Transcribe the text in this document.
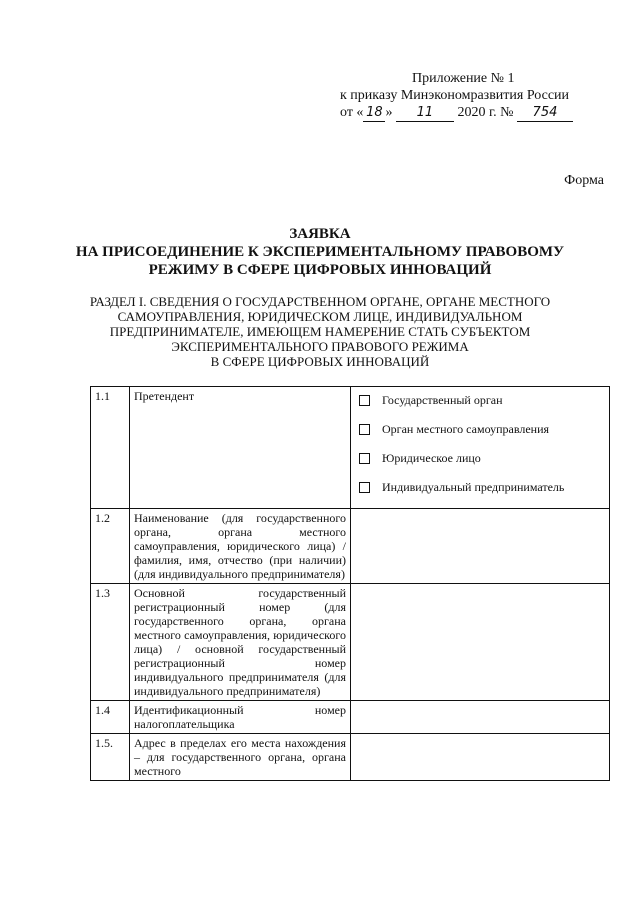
Приложение № 1
к приказу Минэкономразвития России
от « 18 » 11 2020 г. № 754
Форма
ЗАЯВКА
НА ПРИСОЕДИНЕНИЕ К ЭКСПЕРИМЕНТАЛЬНОМУ ПРАВОВОМУ
РЕЖИМУ В СФЕРЕ ЦИФРОВЫХ ИННОВАЦИЙ
РАЗДЕЛ I. СВЕДЕНИЯ О ГОСУДАРСТВЕННОМ ОРГАНЕ, ОРГАНЕ МЕСТНОГО
САМОУПРАВЛЕНИЯ, ЮРИДИЧЕСКОМ ЛИЦЕ, ИНДИВИДУАЛЬНОМ
ПРЕДПРИНИМАТЕЛЕ, ИМЕЮЩЕМ НАМЕРЕНИЕ СТАТЬ СУБЪЕКТОМ
ЭКСПЕРИМЕНТАЛЬНОГО ПРАВОВОГО РЕЖИМА
В СФЕРЕ ЦИФРОВЫХ ИННОВАЦИЙ
1.1	Претендент	Государственный орган
Орган местного самоуправления
Юридическое лицо
Индивидуальный предприниматель

1.2	Наименование (для государственного органа, органа местного самоуправления, юридического лица) / фамилия, имя, отчество (при наличии) (для индивидуального предпринимателя)	
1.3	Основной государственный регистрационный номер (для государственного органа, органа местного самоуправления, юридического лица) / основной государственный регистрационный номер индивидуального предпринимателя (для индивидуального предпринимателя)	
1.4	Идентификационный номер налогоплательщика	
1.5.	Адрес в пределах его места нахождения – для государственного органа, органа местного	
